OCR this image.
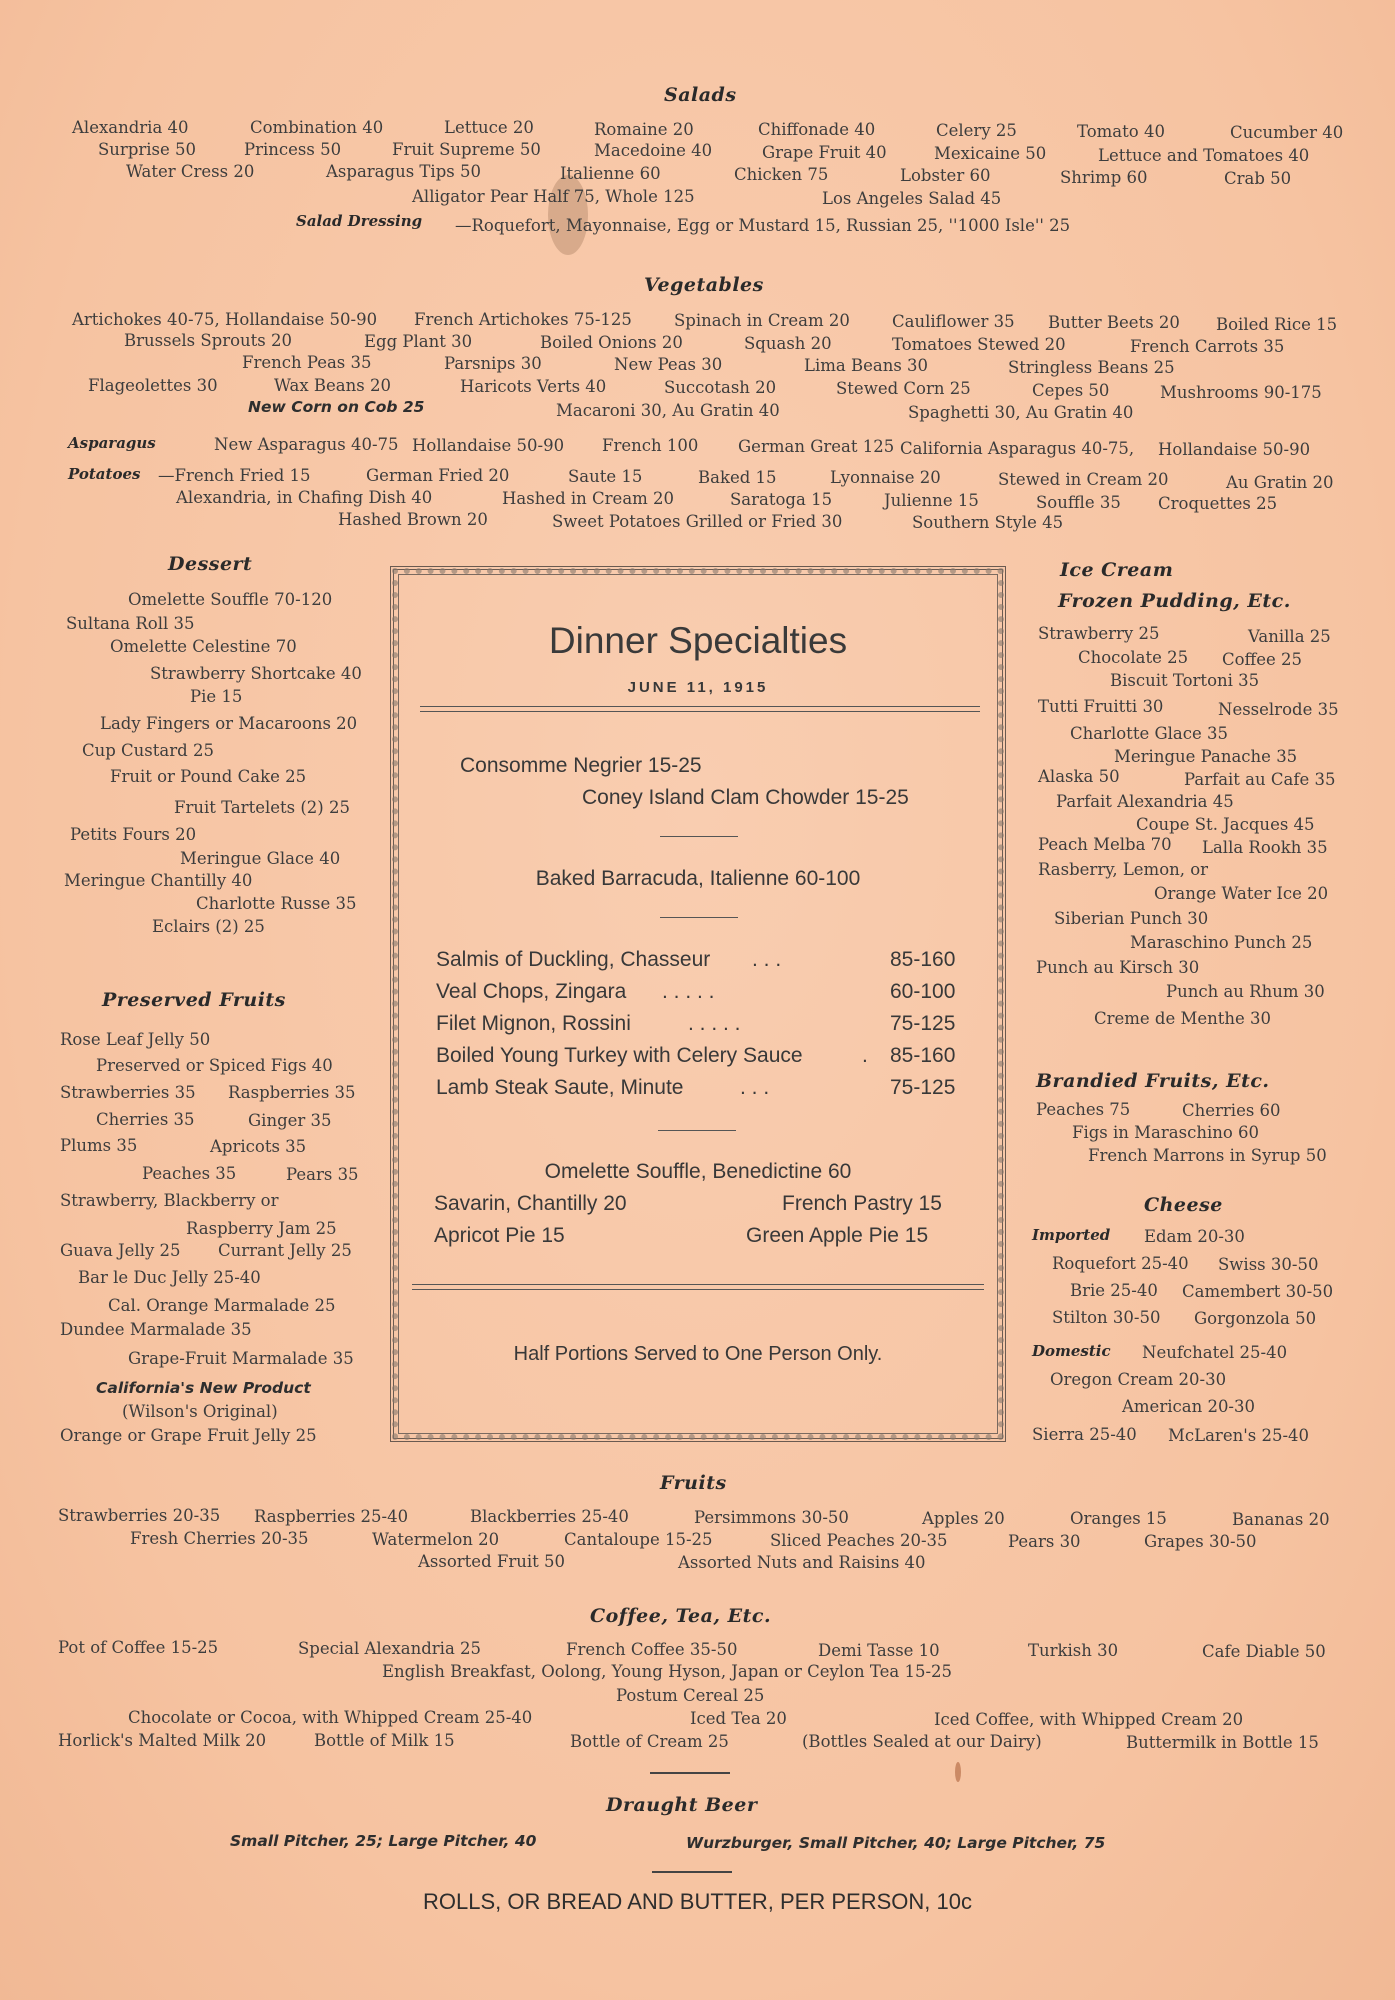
Salads
Alexandria 40	Combination 40	Lettuce 20	Romaine 20	Chiffonade 40	Celery 25	Tomato 40	Cucumber 40
Surprise 50	Princess 50	Fruit Supreme 50	Macedoine 40	Grape Fruit 40	Mexicaine 50	Lettuce and Tomatoes 40
Water Cress 20	Asparagus Tips 50	Italienne 60	Chicken 75	Lobster 60	Shrimp 60	Crab 50
Alligator Pear Half 75, Whole 125	Los Angeles Salad 45
Salad Dressing —Roquefort, Mayonnaise, Egg or Mustard 15, Russian 25, ''1000 Isle'' 25
Vegetables
Artichokes 40-75, Hollandaise 50-90 French Artichokes 75-125	Spinach in Cream 20	Cauliflower 35 Butter Beets 20 Boiled Rice 15
Brussels Sprouts 20	Egg Plant 30	Boiled Onions 20	Squash 20	Tomatoes Stewed 20	French Carrots 35
French Peas 35	Parsnips 30	New Peas 30	Lima Beans 30	Stringless Beans 25
Flageolettes 30	Wax Beans 20	Haricots Verts 40	Succotash 20	Stewed Corn 25	Cepes 50	Mushrooms 90-175
New Corn on Cob 25	Macaroni 30, Au Gratin 40	Spaghetti 30, Au Gratin 40
Asparagus	New Asparagus 40-75 Hollandaise 50-90 French 100 German Great 125 California Asparagus 40-75, Hollandaise 50-90
Potatoes —French Fried 15	German Fried 20	Saute 15	Baked 15	Lyonnaise 20	Stewed in Cream 20	Au Gratin 20
Alexandria, in Chafing Dish 40	Hashed in Cream 20	Saratoga 15	Julienne 15	Souffle 35 Croquettes 25
Hashed Brown 20	Sweet Potatoes Grilled or Fried 30	Southern Style 45
Dessert
Omelette Souffle 70-120
Sultana Roll 35
Omelette Celestine 70
Strawberry Shortcake 40
Pie 15
Lady Fingers or Macaroons 20
Cup Custard 25
Fruit or Pound Cake 25
Fruit Tartelets (2) 25
Petits Fours 20
Meringue Glace 40
Meringue Chantilly 40
Charlotte Russe 35
Eclairs (2) 25
Preserved Fruits
Rose Leaf Jelly 50
Preserved or Spiced Figs 40
Strawberries 35 Raspberries 35
Cherries 35	Ginger 35
Plums 35	Apricots 35
Peaches 35	Pears 35
Strawberry, Blackberry or
Raspberry Jam 25
Guava Jelly 25 Currant Jelly 25
Bar le Duc Jelly 25-40
Cal. Orange Marmalade 25
Dundee Marmalade 35
Grape-Fruit Marmalade 35
California's New Product
(Wilson's Original)
Orange or Grape Fruit Jelly 25
Dinner Specialties
JUNE 11, 1915
Consomme Negrier 15-25
Coney Island Clam Chowder 15-25
Baked Barracuda, Italienne 60-100
Salmis of Duckling, Chasseur . . .	85-160
Veal Chops, Zingara . . . . .	60-100
Filet Mignon, Rossini	. . . . .	75-125
Boiled Young Turkey with Celery Sauce	. 85-160
Lamb Steak Saute, Minute	. . .	75-125
Omelette Souffle, Benedictine 60
Savarin, Chantilly 20	French Pastry 15
Apricot Pie 15	Green Apple Pie 15
Half Portions Served to One Person Only.
Ice Cream
Frozen Pudding, Etc.
Strawberry 25	Vanilla 25
Chocolate 25 Coffee 25
Biscuit Tortoni 35
Tutti Fruitti 30	Nesselrode 35
Charlotte Glace 35
Meringue Panache 35
Alaska 50	Parfait au Cafe 35
Parfait Alexandria 45
Coupe St. Jacques 45
Peach Melba 70 Lalla Rookh 35
Rasberry, Lemon, or
Orange Water Ice 20
Siberian Punch 30
Maraschino Punch 25
Punch au Kirsch 30
Punch au Rhum 30
Creme de Menthe 30
Brandied Fruits, Etc.
Peaches 75	Cherries 60
Figs in Maraschino 60
French Marrons in Syrup 50
Cheese
Imported Edam 20-30
Roquefort 25-40 Swiss 30-50
Brie 25-40 Camembert 30-50
Stilton 30-50 Gorgonzola 50
Domestic Neufchatel 25-40
Oregon Cream 20-30
American 20-30
Sierra 25-40 McLaren's 25-40
Fruits
Strawberries 20-35 Raspberries 25-40	Blackberries 25-40	Persimmons 30-50	Apples 20	Oranges 15	Bananas 20
Fresh Cherries 20-35	Watermelon 20	Cantaloupe 15-25	Sliced Peaches 20-35	Pears 30	Grapes 30-50
Assorted Fruit 50	Assorted Nuts and Raisins 40
Coffee, Tea, Etc.
Pot of Coffee 15-25	Special Alexandria 25	French Coffee 35-50	Demi Tasse 10	Turkish 30	Cafe Diable 50
English Breakfast, Oolong, Young Hyson, Japan or Ceylon Tea 15-25
Postum Cereal 25
Chocolate or Cocoa, with Whipped Cream 25-40	Iced Tea 20	Iced Coffee, with Whipped Cream 20
Horlick's Malted Milk 20	Bottle of Milk 15	Bottle of Cream 25	(Bottles Sealed at our Dairy)	Buttermilk in Bottle 15
Draught Beer
Small Pitcher, 25; Large Pitcher, 40	Wurzburger, Small Pitcher, 40; Large Pitcher, 75
ROLLS, OR BREAD AND BUTTER, PER PERSON, 10c
